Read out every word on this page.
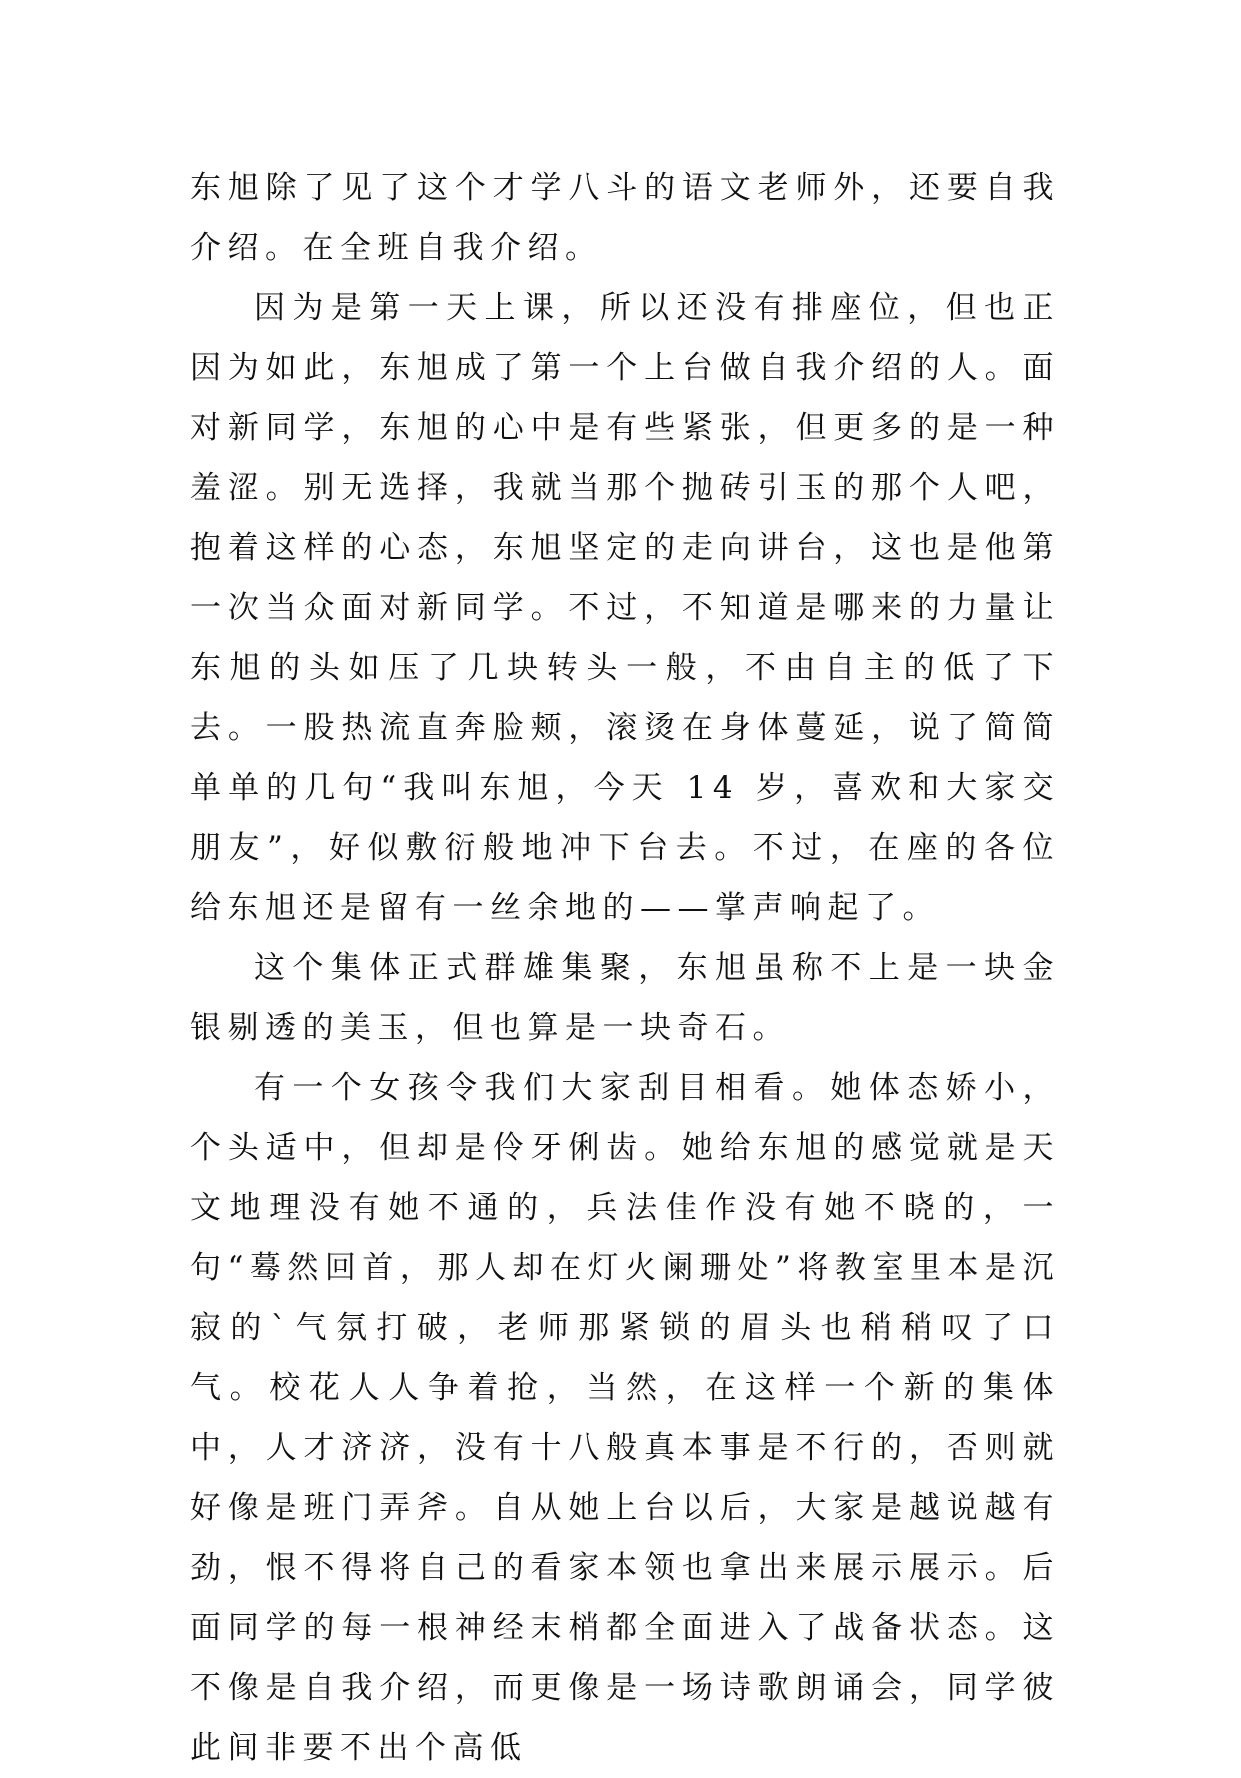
东旭除了见了这个才学八斗的语文老师外，还要自我介绍。在全班自我介绍。

因为是第一天上课，所以还没有排座位，但也正因为如此，东旭成了第一个上台做自我介绍的人。面对新同学，东旭的心中是有些紧张，但更多的是一种羞涩。别无选择，我就当那个抛砖引玉的那个人吧，抱着这样的心态，东旭坚定的走向讲台，这也是他第一次当众面对新同学。不过，不知道是哪来的力量让东旭的头如压了几块转头一般，不由自主的低了下去。一股热流直奔脸颊，滚烫在身体蔓延，说了简简单单的几句“我叫东旭，今天 14 岁，喜欢和大家交朋友”，好似敷衍般地冲下台去。不过，在座的各位给东旭还是留有一丝余地的——掌声响起了。

这个集体正式群雄集聚，东旭虽称不上是一块金银剔透的美玉，但也算是一块奇石。

有一个女孩令我们大家刮目相看。她体态娇小，个头适中，但却是伶牙俐齿。她给东旭的感觉就是天文地理没有她不通的，兵法佳作没有她不晓的，一句“蓦然回首，那人却在灯火阑珊处”将教室里本是沉寂的`气氛打破，老师那紧锁的眉头也稍稍叹了口气。校花人人争着抢，当然，在这样一个新的集体中，人才济济，没有十八般真本事是不行的，否则就好像是班门弄斧。自从她上台以后，大家是越说越有劲，恨不得将自己的看家本领也拿出来展示展示。后面同学的每一根神经末梢都全面进入了战备状态。这不像是自我介绍，而更像是一场诗歌朗诵会，同学彼此间非要不出个高低
